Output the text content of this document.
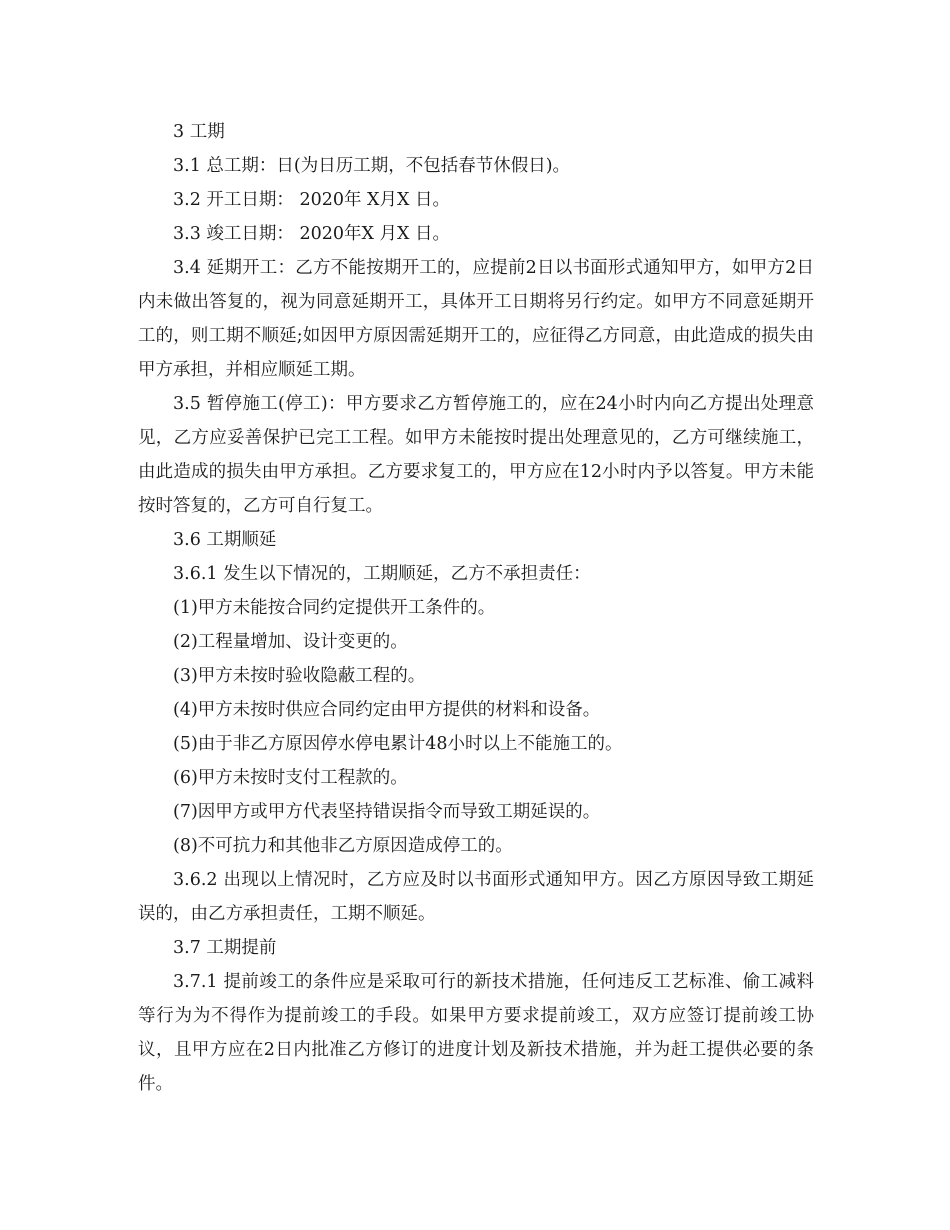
3 工期

3.1 总工期：日(为日历工期，不包括春节休假日)。

3.2 开工日期： 2020年 X月X 日。

3.3 竣工日期： 2020年X 月X 日。

3.4 延期开工：乙方不能按期开工的，应提前2日以书面形式通知甲方，如甲方2日内未做出答复的，视为同意延期开工，具体开工日期将另行约定。如甲方不同意延期开工的，则工期不顺延;如因甲方原因需延期开工的，应征得乙方同意，由此造成的损失由甲方承担，并相应顺延工期。

3.5 暂停施工(停工)：甲方要求乙方暂停施工的，应在24小时内向乙方提出处理意见，乙方应妥善保护已完工工程。如甲方未能按时提出处理意见的，乙方可继续施工，由此造成的损失由甲方承担。乙方要求复工的，甲方应在12小时内予以答复。甲方未能按时答复的，乙方可自行复工。

3.6 工期顺延

3.6.1 发生以下情况的，工期顺延，乙方不承担责任：

(1)甲方未能按合同约定提供开工条件的。

(2)工程量增加、设计变更的。

(3)甲方未按时验收隐蔽工程的。

(4)甲方未按时供应合同约定由甲方提供的材料和设备。

(5)由于非乙方原因停水停电累计48小时以上不能施工的。

(6)甲方未按时支付工程款的。

(7)因甲方或甲方代表坚持错误指令而导致工期延误的。

(8)不可抗力和其他非乙方原因造成停工的。

3.6.2 出现以上情况时，乙方应及时以书面形式通知甲方。因乙方原因导致工期延误的，由乙方承担责任，工期不顺延。

3.7 工期提前

3.7.1 提前竣工的条件应是采取可行的新技术措施，任何违反工艺标准、偷工减料等行为为不得作为提前竣工的手段。如果甲方要求提前竣工，双方应签订提前竣工协议，且甲方应在2日内批准乙方修订的进度计划及新技术措施，并为赶工提供必要的条件。
